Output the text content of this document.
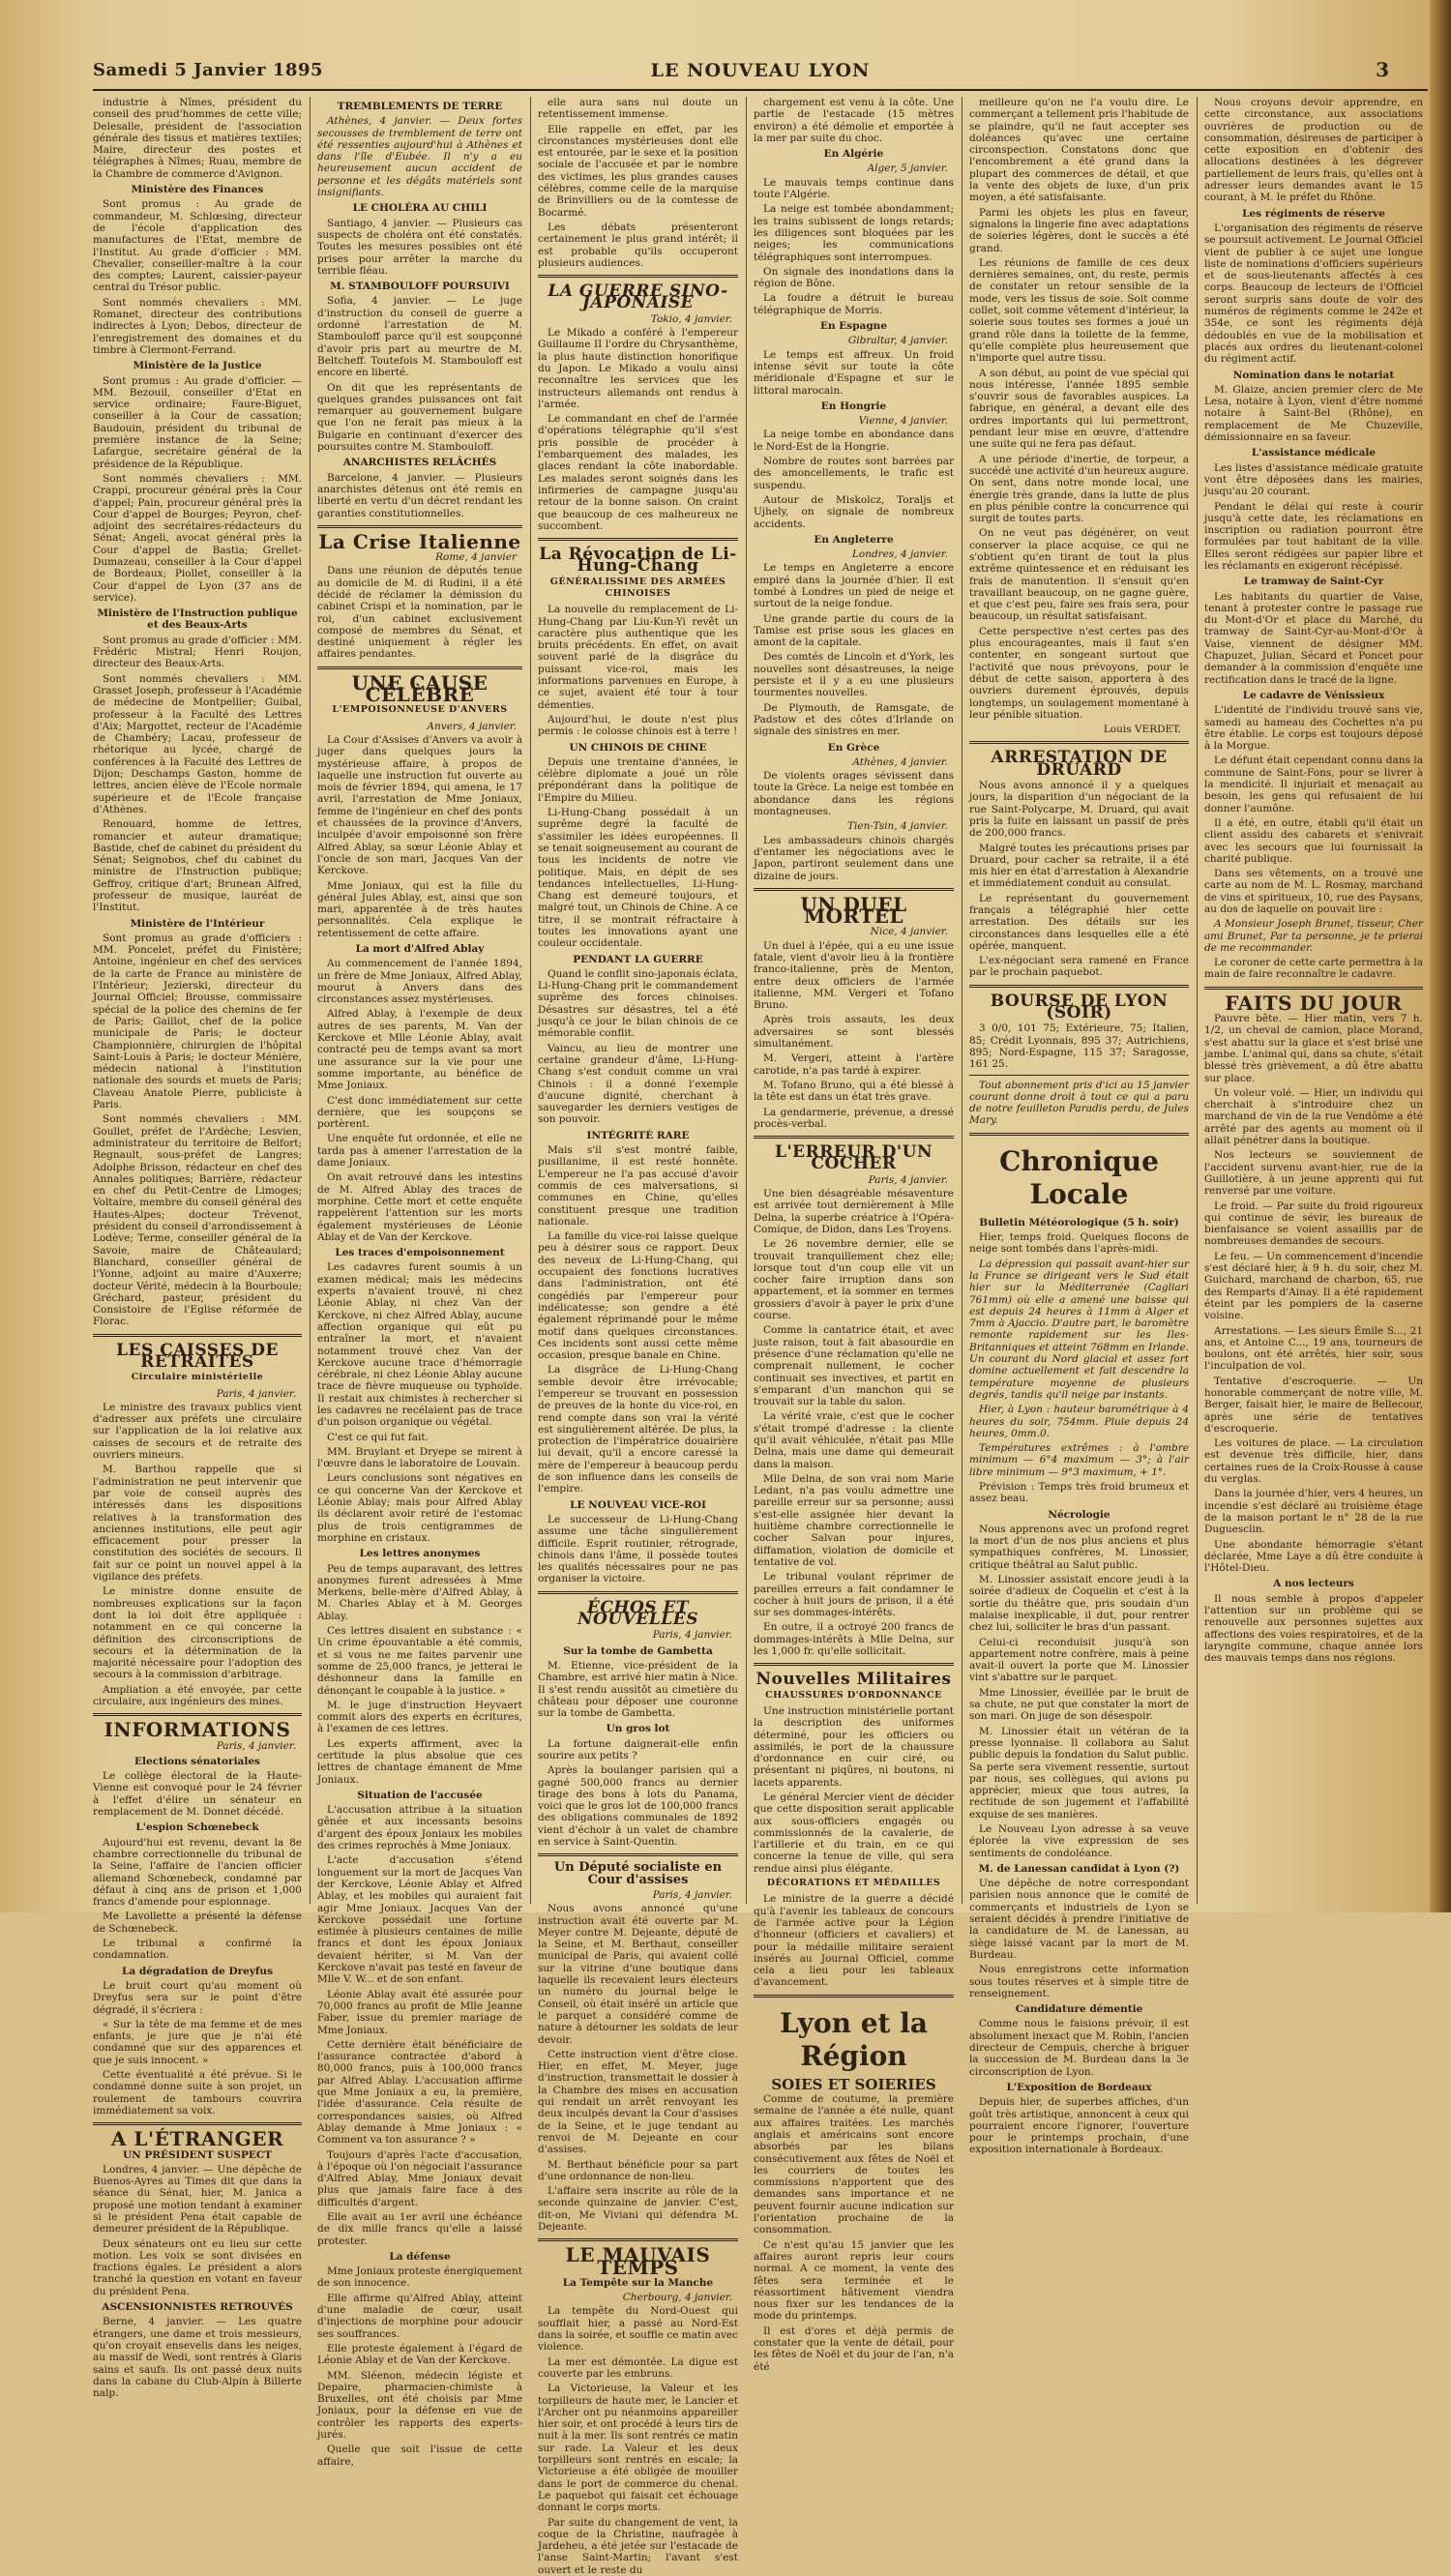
Samedi 5 Janvier 1895	LE NOUVEAU LYON	3

industrie à Nîmes, président du conseil des prud'hommes de cette ville; Delesalle, président de l'association générale des tissus et matières textiles; Maire, directeur des postes et télégraphes à Nîmes; Ruau, membre de la Chambre de commerce d'Avignon.

Ministère des Finances

Sont promus : Au grade de commandeur, M. Schlœsing, directeur de l'école d'application des manufactures de l'Etat, membre de l'Institut. Au grade d'officier : MM. Chevalier, conseiller-maître à la cour des comptes; Laurent, caissier-payeur central du Trésor public.

Sont nommés chevaliers : MM. Romanet, directeur des contributions indirectes à Lyon; Debos, directeur de l'enregistrement des domaines et du timbre à Clermont-Ferrand.

Ministère de la Justice

Sont promus : Au grade d'officier. — MM. Bezouil, conseiller d'Etat en service ordinaire; Faure-Biguet, conseiller à la Cour de cassation; Baudouin, président du tribunal de première instance de la Seine; Lafargue, secrétaire général de la présidence de la République.

Sont nommés chevaliers : MM. Crappi, procureur général près la Cour d'appel; Pain, procureur général près la Cour d'appel de Bourges; Peyron, chef-adjoint des secrétaires-rédacteurs du Sénat; Angeli, avocat général près la Cour d'appel de Bastia; Grellet-Dumazeau, conseiller à la Cour d'appel de Bordeaux; Piollet, conseiller à la Cour d'appel de Lyon (37 ans de service).

Ministère de l'Instruction publique et des Beaux-Arts

Sont promus au grade d'officier : MM. Frédéric Mistral; Henri Roujon, directeur des Beaux-Arts.

Sont nommés chevaliers : MM. Grasset Joseph, professeur à l'Académie de médecine de Montpellier; Guibal, professeur à la Faculté des Lettres d'Aix; Margottet, recteur de l'Académie de Chambéry; Lacau, professeur de rhétorique au lycée, chargé de conférences à la Faculté des Lettres de Dijon; Deschamps Gaston, homme de lettres, ancien élève de l'Ecole normale supérieure et de l'Ecole française d'Athènes.

Renouard, homme de lettres, romancier et auteur dramatique; Bastide, chef de cabinet du président du Sénat; Seignobos, chef du cabinet du ministre de l'Instruction publique; Geffroy, critique d'art; Brunean Alfred, professeur de musique, lauréat de l'Institut.

Ministère de l'Intérieur

Sont promus au grade d'officiers : MM. Poncelet, préfet du Finistère; Antoine, ingénieur en chef des services de la carte de France au ministère de l'Intérieur; Jezierski, directeur du Journal Officiel; Brousse, commissaire spécial de la police des chemins de fer de Paris; Gaillot, chef de la police municipale de Paris; le docteur Championnière, chirurgien de l'hôpital Saint-Louis à Paris; le docteur Ménière, médecin national à l'institution nationale des sourds et muets de Paris; Claveau Anatole Pierre, publiciste à Paris.

Sont nommés chevaliers : MM. Goullet, préfet de l'Ardèche; Lesvien, administrateur du territoire de Belfort; Regnault, sous-préfet de Langres; Adolphe Brisson, rédacteur en chef des Annales politiques; Barrière, rédacteur en chef du Petit-Centre de Limoges; Voltaire, membre du conseil général des Hautes-Alpes; docteur Trévenot, président du conseil d'arrondissement à Lodève; Terme, conseiller général de la Savoie, maire de Châteaulard; Blanchard, conseiller général de l'Yonne, adjoint au maire d'Auxerre; docteur Vérité, médecin à la Bourboule; Gréchard, pasteur, président du Consistoire de l'Eglise réformée de Florac.

LES CAISSES DE RETRAITES
Circulaire ministérielle
Paris, 4 janvier.

Le ministre des travaux publics vient d'adresser aux préfets une circulaire sur l'application de la loi relative aux caisses de secours et de retraite des ouvriers mineurs.

M. Barthou rappelle que si l'administration ne peut intervenir que par voie de conseil auprès des intéressés dans les dispositions relatives à la transformation des anciennes institutions, elle peut agir efficacement pour presser la constitution des sociétés de secours. Il fait sur ce point un nouvel appel à la vigilance des préfets.

Le ministre donne ensuite de nombreuses explications sur la façon dont la loi doit être appliquée : notamment en ce qui concerne la définition des circonscriptions de secours et la détermination de la majorité nécessaire pour l'adoption des secours à la commission d'arbitrage.

Ampliation a été envoyée, par cette circulaire, aux ingénieurs des mines.

INFORMATIONS
Paris, 4 janvier.
Elections sénatoriales

Le collège électoral de la Haute-Vienne est convoqué pour le 24 février à l'effet d'élire un sénateur en remplacement de M. Donnet décédé.

L'espion Schœnebeck

Aujourd'hui est revenu, devant la 8e chambre correctionnelle du tribunal de la Seine, l'affaire de l'ancien officier allemand Schœnebeck, condamné par défaut à cinq ans de prison et 1,000 francs d'amende pour espionnage.

Me Lavollette a présenté la défense de Schœnebeck.

Le tribunal a confirmé la condamnation.

La dégradation de Dreyfus

Le bruit court qu'au moment où Dreyfus sera sur le point d'être dégradé, il s'écriera :

« Sur la tête de ma femme et de mes enfants, je jure que je n'ai été condamné que sur des apparences et que je suis innocent. »

Cette éventualité a été prévue. Si le condamné donne suite à son projet, un roulement de tambours couvrira immédiatement sa voix.

A L'ÉTRANGER
UN PRÉSIDENT SUSPECT

Londres, 4 janvier. — Une dépêche de Buenos-Ayres au Times dit que dans la séance du Sénat, hier, M. Janica a proposé une motion tendant à examiner si le président Pena était capable de demeurer président de la République.

Deux sénateurs ont eu lieu sur cette motion. Les voix se sont divisées en fractions égales. Le président a alors tranché la question en votant en faveur du président Pena.

ASCENSIONNISTES RETROUVÉS

Berne, 4 janvier. — Les quatre étrangers, une dame et trois messieurs, qu'on croyait ensevelis dans les neiges, au massif de Wedi, sont rentrés à Glaris sains et saufs. Ils ont passé deux nuits dans la cabane du Club-Alpin à Billerte nalp.

TREMBLEMENTS DE TERRE

Athènes, 4 janvier. — Deux fortes secousses de tremblement de terre ont été ressenties aujourd'hui à Athènes et dans l'île d'Eubée. Il n'y a eu heureusement aucun accident de personne et les dégâts matériels sont insignifiants.

LE CHOLÉRA AU CHILI

Santiago, 4 janvier. — Plusieurs cas suspects de choléra ont été constatés. Toutes les mesures possibles ont été prises pour arrêter la marche du terrible fléau.

M. STAMBOULOFF POURSUIVI

Sofia, 4 janvier. — Le juge d'instruction du conseil de guerre a ordonné l'arrestation de M. Stambouloff parce qu'il est soupçonné d'avoir pris part au meurtre de M. Beltcheff. Toutefois M. Stambouloff est encore en liberté.

On dit que les représentants de quelques grandes puissances ont fait remarquer au gouvernement bulgare que l'on ne ferait pas mieux à la Bulgarie en continuant d'exercer des poursuites contre M. Stambouloff.

ANARCHISTES RELÂCHÉS

Barcelone, 4 janvier. — Plusieurs anarchistes détenus ont été remis en liberté en vertu d'un décret rendant les garanties constitutionnelles.

La Crise Italienne
Rome, 4 janvier

Dans une réunion de députés tenue au domicile de M. di Rudini, il a été décidé de réclamer la démission du cabinet Crispi et la nomination, par le roi, d'un cabinet exclusivement composé de membres du Sénat, et destiné uniquement à régler les affaires pendantes.

UNE CAUSE CÉLÈBRE
L'EMPOISONNEUSE D'ANVERS
Anvers, 4 janvier.

La Cour d'Assises d'Anvers va avoir à juger dans quelques jours la mystérieuse affaire, à propos de laquelle une instruction fut ouverte au mois de février 1894, qui amena, le 17 avril, l'arrestation de Mme Joniaux, femme de l'ingénieur en chef des ponts et chaussées de la province d'Anvers, inculpée d'avoir empoisonné son frère Alfred Ablay, sa sœur Léonie Ablay et l'oncle de son mari, Jacques Van der Kerckove.

Mme Joniaux, qui est la fille du général Jules Ablay, est, ainsi que son mari, apparentée à de très hautes personnalités. Cela explique le retentissement de cette affaire.

La mort d'Alfred Ablay

Au commencement de l'année 1894, un frère de Mme Joniaux, Alfred Ablay, mourut à Anvers dans des circonstances assez mystérieuses.

Alfred Ablay, à l'exemple de deux autres de ses parents, M. Van der Kerckove et Mlle Léonie Ablay, avait contracté peu de temps avant sa mort une assurance sur la vie pour une somme importante, au bénéfice de Mme Joniaux.

C'est donc immédiatement sur cette dernière, que les soupçons se portèrent.

Une enquête fut ordonnée, et elle ne tarda pas à amener l'arrestation de la dame Joniaux.

On avait retrouvé dans les intestins de M. Alfred Ablay des traces de morphine. Cette mort et cette enquête rappelèrent l'attention sur les morts également mystérieuses de Léonie Ablay et de Van der Kerckove.

Les traces d'empoisonnement

Les cadavres furent soumis à un examen médical; mais les médecins experts n'avaient trouvé, ni chez Léonie Ablay, ni chez Van der Kerckove, ni chez Alfred Ablay, aucune affection organique qui eût pu entraîner la mort, et n'avaient notamment trouvé chez Van der Kerckove aucune trace d'hémorragie cérébrale, ni chez Léonie Ablay aucune trace de fièvre muqueuse ou typhoïde. Il restait aux chimistes à rechercher si les cadavres ne recélaient pas de trace d'un poison organique ou végétal.

C'est ce qui fut fait.

MM. Bruylant et Dryepe se mirent à l'œuvre dans le laboratoire de Louvain.

Leurs conclusions sont négatives en ce qui concerne Van der Kerckove et Léonie Ablay; mais pour Alfred Ablay ils déclarent avoir retiré de l'estomac plus de trois centigrammes de morphine en cristaux.

Les lettres anonymes

Peu de temps auparavant, des lettres anonymes furent adressées à Mme Merkens, belle-mère d'Alfred Ablay, à M. Charles Ablay et à M. Georges Ablay.

Ces lettres disaient en substance : « Un crime épouvantable a été commis, et si vous ne me faites parvenir une somme de 25,000 francs, je jetterai le déshonneur dans la famille en dénonçant le coupable à la justice. »

M. le juge d'instruction Heyvaert commit alors des experts en écritures, à l'examen de ces lettres.

Les experts affirment, avec la certitude la plus absolue que ces lettres de chantage émanent de Mme Joniaux.

Situation de l'accusée

L'accusation attribue à la situation gênée et aux incessants besoins d'argent des époux Joniaux les mobiles des crimes reprochés à Mme Joniaux.

L'acte d'accusation s'étend longuement sur la mort de Jacques Van der Kerckove, Léonie Ablay et Alfred Ablay, et les mobiles qui auraient fait agir Mme Joniaux. Jacques Van der Kerckove possédait une fortune estimée à plusieurs centaines de mille francs et dont les époux Joniaux devaient hériter, si M. Van der Kerckove n'avait pas testé en faveur de Mlle V. W... et de son enfant.

Léonie Ablay avait été assurée pour 70,000 francs au profit de Mlle Jeanne Faber, issue du premier mariage de Mme Joniaux.

Cette dernière était bénéficiaire de l'assurance contractée d'abord à 80,000 francs, puis à 100,000 francs par Alfred Ablay. L'accusation affirme que Mme Joniaux a eu, la première, l'idée d'assurance. Cela résulte de correspondances saisies, où Alfred Ablay demande à Mme Joniaux : « Comment va ton assurance ? »

Toujours d'après l'acte d'accusation, à l'époque où l'on négociait l'assurance d'Alfred Ablay, Mme Joniaux devait plus que jamais faire face à des difficultés d'argent.

Elle avait au 1er avril une échéance de dix mille francs qu'elle a laissé protester.

La défense

Mme Joniaux proteste énergiquement de son innocence.

Elle affirme qu'Alfred Ablay, atteint d'une maladie de cœur, usait d'injections de morphine pour adoucir ses souffrances.

Elle proteste également à l'égard de Léonie Ablay et de Van der Kerckove.

MM. Sléenon, médecin légiste et Depaire, pharmacien-chimiste à Bruxelles, ont été choisis par Mme Joniaux, pour la défense en vue de contrôler les rapports des experts-jurés.

Quelle que soit l'issue de cette affaire,

elle aura sans nul doute un retentissement immense.

Elle rappelle en effet, par les circonstances mystérieuses dont elle est entourée, par le sexe et la position sociale de l'accusée et par le nombre des victimes, les plus grandes causes célèbres, comme celle de la marquise de Brinvilliers ou de la comtesse de Bocarmé.

Les débats présenteront certainement le plus grand intérêt; il est probable qu'ils occuperont plusieurs audiences.

LA GUERRE SINO-JAPONAISE
Tokio, 4 janvier.

Le Mikado a conféré à l'empereur Guillaume II l'ordre du Chrysanthème, la plus haute distinction honorifique du Japon. Le Mikado a voulu ainsi reconnaître les services que les instructeurs allemands ont rendus à l'armée.

Le commandant en chef de l'armée d'opérations télégraphie qu'il s'est pris possible de procéder à l'embarquement des malades, les glaces rendant la côte inabordable. Les malades seront soignés dans les infirmeries de campagne jusqu'au retour de la bonne saison. On craint que beaucoup de ces malheureux ne succombent.

La Révocation de Li-Hung-Chang
GÉNÉRALISSIME DES ARMÉES CHINOISES

La nouvelle du remplacement de Li-Hung-Chang par Liu-Kun-Yi revêt un caractère plus authentique que les bruits précédents. En effet, on avait souvent parlé de la disgrâce du puissant vice-roi, mais les informations parvenues en Europe, à ce sujet, avaient été tour à tour démenties.

Aujourd'hui, le doute n'est plus permis : le colosse chinois est à terre !

UN CHINOIS DE CHINE

Depuis une trentaine d'années, le célèbre diplomate a joué un rôle prépondérant dans la politique de l'Empire du Milieu.

Li-Hung-Chang possédait à un suprême degré la faculté de s'assimiler les idées européennes. Il se tenait soigneusement au courant de tous les incidents de notre vie politique. Mais, en dépit de ses tendances intellectuelles, Li-Hung-Chang est demeuré toujours, et malgré tout, un Chinois de Chine. A ce titre, il se montrait réfractaire à toutes les innovations ayant une couleur occidentale.

PENDANT LA GUERRE

Quand le conflit sino-japonais éclata, Li-Hung-Chang prit le commandement suprême des forces chinoises. Désastres sur désastres, tel a été jusqu'à ce jour le bilan chinois de ce mémorable conflit.

Vaincu, au lieu de montrer une certaine grandeur d'âme, Li-Hung-Chang s'est conduit comme un vrai Chinois : il a donné l'exemple d'aucune dignité, cherchant à sauvegarder les derniers vestiges de son pouvoir.

INTÉGRITÉ RARE

Mais s'il s'est montré faible, pusillanime, il est resté honnête. L'empereur ne l'a pas accusé d'avoir commis de ces malversations, si communes en Chine, qu'elles constituent presque une tradition nationale.

La famille du vice-roi laisse quelque peu à désirer sous ce rapport. Deux des neveux de Li-Hung-Chang, qui occupaient des fonctions lucratives dans l'administration, ont été congédiés par l'empereur pour indélicatesse; son gendre a été également réprimandé pour le même motif dans quelques circonstances. Ces incidents sont aussi cette même occasion, presque banale en Chine.

La disgrâce de Li-Hung-Chang semble devoir être irrévocable; l'empereur se trouvant en possession de preuves de la honte du vice-roi, en rend compte dans son vrai la vérité est singulièrement altérée. De plus, la protection de l'impératrice douairière lui devait, qu'il a encore caressé la mère de l'empereur à beaucoup perdu de son influence dans les conseils de l'empire.

LE NOUVEAU VICE-ROI

Le successeur de Li-Hung-Chang assume une tâche singulièrement difficile. Esprit routinier, rétrograde, chinois dans l'âme, il possède toutes les qualités nécessaires pour ne pas organiser la victoire.

ÉCHOS ET NOUVELLES
Paris, 4 janvier.
Sur la tombe de Gambetta

M. Etienne, vice-président de la Chambre, est arrivé hier matin à Nice. Il s'est rendu aussitôt au cimetière du château pour déposer une couronne sur la tombe de Gambetta.

Un gros lot

La fortune daignerait-elle enfin sourire aux petits ?

Après la boulanger parisien qui a gagné 500,000 francs au dernier tirage des bons à lots du Panama, voici que le gros lot de 100,000 francs des obligations communales de 1892 vient d'échoir à un valet de chambre en service à Saint-Quentin.

Un Député socialiste en Cour d'assises
Paris, 4 janvier.

Nous avons annoncé qu'une instruction avait été ouverte par M. Meyer contre M. Dejeante, député de la Seine, et M. Berthaut, conseiller municipal de Paris, qui avaient collé sur la vitrine d'une boutique dans laquelle ils recevaient leurs électeurs un numéro du journal belge le Conseil, où était inséré un article que le parquet a considéré comme de nature à détourner les soldats de leur devoir.

Cette instruction vient d'être close. Hier, en effet, M. Meyer, juge d'instruction, transmettait le dossier à la Chambre des mises en accusation qui rendait un arrêt renvoyant les deux inculpés devant la Cour d'assises de la Seine, et le juge tendant au renvoi de M. Dejeante en cour d'assises.

M. Berthaut bénéficie pour sa part d'une ordonnance de non-lieu.

L'affaire sera inscrite au rôle de la seconde quinzaine de janvier. C'est, dit-on, Me Viviani qui défendra M. Dejeante.

LE MAUVAIS TEMPS
La Tempête sur la Manche
Cherbourg, 4 janvier.

La tempête du Nord-Ouest qui soufflait hier, a passé au Nord-Est dans la soirée, et souffle ce matin avec violence.

La mer est démontée. La digue est couverte par les embruns.

La Victorieuse, la Valeur et les torpilleurs de haute mer, le Lancier et l'Archer ont pu néanmoins appareiller hier soir, et ont procédé à leurs tirs de nuit à la mer. Ils sont rentrés ce matin sur rade. La Valeur et les deux torpilleurs sont rentrés en escale; la Victorieuse a été obligée de mouiller dans le port de commerce du chenal. Le paquebot qui faisait cet échouage donnant le corps morts.

Par suite du changement de vent, la coque de la Christine, naufragée à Jardeheu, a été jetée sur l'estacade de l'anse Saint-Martin; l'avant s'est ouvert et le reste du

chargement est venu à la côte. Une partie de l'estacade (15 mètres environ) a été démolie et emportée à la mer par suite du choc.

En Algérie
Alger, 5 janvier.

Le mauvais temps continue dans toute l'Algérie.

La neige est tombée abondamment; les trains subissent de longs retards; les diligences sont bloquées par les neiges; les communications télégraphiques sont interrompues.

On signale des inondations dans la région de Bône.

La foudre a détruit le bureau télégraphique de Morris.

En Espagne
Gibraltar, 4 janvier.

Le temps est affreux. Un froid intense sévit sur toute la côte méridionale d'Espagne et sur le littoral marocain.

En Hongrie
Vienne, 4 janvier.

La neige tombe en abondance dans le Nord-Est de la Hongrie.

Nombre de routes sont barrées par des amoncellements, le trafic est suspendu.

Autour de Miskolcz, Toraljs et Ujhely, on signale de nombreux accidents.

En Angleterre
Londres, 4 janvier.

Le temps en Angleterre a encore empiré dans la journée d'hier. Il est tombé à Londres un pied de neige et surtout de la neige fondue.

Une grande partie du cours de la Tamise est prise sous les glaces en amont de la capitale.

Des comtés de Lincoln et d'York, les nouvelles sont désastreuses, la neige persiste et il y a eu une plusieurs tourmentes nouvelles.

De Plymouth, de Ramsgate, de Padstow et des côtes d'Irlande on signale des sinistres en mer.

En Grèce
Athènes, 4 janvier.

De violents orages sévissent dans toute la Grèce. La neige est tombée en abondance dans les régions montagneuses.

Tien-Tsin, 4 janvier.

Les ambassadeurs chinois chargés d'entamer les négociations avec le Japon, partiront seulement dans une dizaine de jours.

UN DUEL MORTEL
Nice, 4 janvier.

Un duel à l'épée, qui a eu une issue fatale, vient d'avoir lieu à la frontière franco-italienne, près de Menton, entre deux officiers de l'armée italienne, MM. Vergeri et Tofano Bruno.

Après trois assauts, les deux adversaires se sont blessés simultanément.

M. Vergeri, atteint à l'artère carotide, n'a pas tardé à expirer.

M. Tofano Bruno, qui a été blessé à la tête est dans un état très grave.

La gendarmerie, prévenue, a dressé procès-verbal.

L'ERREUR D'UN COCHER
Paris, 4 janvier.

Une bien désagréable mésaventure est arrivée tout dernièrement à Mlle Delna, la superbe créatrice à l'Opéra-Comique, de Didon, dans Les Troyens.

Le 26 novembre dernier, elle se trouvait tranquillement chez elle; lorsque tout d'un coup elle vit un cocher faire irruption dans son appartement, et la sommer en termes grossiers d'avoir à payer le prix d'une course.

Comme la cantatrice était, et avec juste raison, tout à fait abasourdie en présence d'une réclamation qu'elle ne comprenait nullement, le cocher continuait ses invectives, et partit en s'emparant d'un manchon qui se trouvait sur la table du salon.

La vérité vraie, c'est que le cocher s'était trompé d'adresse : la cliente qu'il avait véhiculée, n'était pas Mlle Delna, mais une dame qui demeurait dans la maison.

Mlle Delna, de son vrai nom Marie Ledant, n'a pas voulu admettre une pareille erreur sur sa personne; aussi s'est-elle assignée hier devant la huitième chambre correctionnelle le cocher Salvan pour injures, diffamation, violation de domicile et tentative de vol.

Le tribunal voulant réprimer de pareilles erreurs a fait condamner le cocher à huit jours de prison, il a été sur ses dommages-intérêts.

En outre, il a octroyé 200 francs de dommages-intérêts à Mlle Delna, sur les 1,000 fr. qu'elle sollicitait.

Nouvelles Militaires
CHAUSSURES D'ORDONNANCE

Une instruction ministérielle portant la description des uniformes déterminé, pour les officiers ou assimilés, le port de la chaussure d'ordonnance en cuir ciré, ou présentant ni piqûres, ni boutons, ni lacets apparents.

Le général Mercier vient de décider que cette disposition serait applicable aux sous-officiers engagés ou commissionnés de la cavalerie, de l'artillerie et du train, en ce qui concerne la tenue de ville, qui sera rendue ainsi plus élégante.

DÉCORATIONS ET MÉDAILLES

Le ministre de la guerre a décidé qu'à l'avenir les tableaux de concours de l'armée active pour la Légion d'honneur (officiers et cavaliers) et pour la médaille militaire seraient insérés au Journal Officiel, comme cela a lieu pour les tableaux d'avancement.

Lyon et la Région
SOIES ET SOIERIES

Comme de coutume, la première semaine de l'année a été nulle, quant aux affaires traitées. Les marchés anglais et américains sont encore absorbés par les bilans consécutivement aux fêtes de Noël et les courriers de toutes les commissions n'apportent que des demandes sans importance et ne peuvent fournir aucune indication sur l'orientation prochaine de la consommation.

Ce n'est qu'au 15 janvier que les affaires auront repris leur cours normal. A ce moment, la vente des fêtes sera terminée et le réassortiment hâtivement viendra nous fixer sur les tendances de la mode du printemps.

Il est d'ores et déjà permis de constater que la vente de détail, pour les fêtes de Noël et du jour de l'an, n'a été

meilleure qu'on ne l'a voulu dire. Le commerçant a tellement pris l'habitude de se plaindre, qu'il ne faut accepter ses doléances qu'avec une certaine circonspection. Constatons donc que l'encombrement a été grand dans la plupart des commerces de détail, et que la vente des objets de luxe, d'un prix moyen, a été satisfaisante.

Parmi les objets les plus en faveur, signalons la lingerie fine avec adaptations de soieries légères, dont le succès a été grand.

Les réunions de famille de ces deux dernières semaines, ont, du reste, permis de constater un retour sensible de la mode, vers les tissus de soie. Soit comme collet, soit comme vêtement d'intérieur, la soierie sous toutes ses formes a joué un grand rôle dans la toilette de la femme, qu'elle complète plus heureusement que n'importe quel autre tissu.

A son début, au point de vue spécial qui nous intéresse, l'année 1895 semble s'ouvrir sous de favorables auspices. La fabrique, en général, a devant elle des ordres importants qui lui permettront, pendant leur mise en œuvre, d'attendre une suite qui ne fera pas défaut.

A une période d'inertie, de torpeur, a succédé une activité d'un heureux augure. On sent, dans notre monde local, une énergie très grande, dans la lutte de plus en plus pénible contre la concurrence qui surgit de toutes parts.

On ne veut pas dégénérer, on veut conserver la place acquise, ce qui ne s'obtient qu'en tirant de tout la plus extrême quintessence et en réduisant les frais de manutention. Il s'ensuit qu'en travaillant beaucoup, on ne gagne guère, et que c'est peu, faire ses frais sera, pour beaucoup, un résultat satisfaisant.

Cette perspective n'est certes pas des plus encourageantes, mais il faut s'en contenter, en songeant surtout que l'activité que nous prévoyons, pour le début de cette saison, apportera à des ouvriers durement éprouvés, depuis longtemps, un soulagement momentané à leur pénible situation.

Louis VERDET.
ARRESTATION DE DRUARD

Nous avons annoncé il y a quelques jours, la disparition d'un négociant de la rue Saint-Polycarpe, M. Druard, qui avait pris la fuite en laissant un passif de près de 200,000 francs.

Malgré toutes les précautions prises par Druard, pour cacher sa retraite, il a été mis hier en état d'arrestation à Alexandrie et immédiatement conduit au consulat.

Le représentant du gouvernement français a télégraphié hier cette arrestation. Des détails sur les circonstances dans lesquelles elle a été opérée, manquent.

L'ex-négociant sera ramené en France par le prochain paquebot.

BOURSE DE LYON (SOIR)

3 0/0, 101 75; Extérieure, 75; Italien, 85; Crédit Lyonnais, 895 37; Autrichiens, 895; Nord-Espagne, 115 37; Saragosse, 161 25.

Tout abonnement pris d'ici au 15 janvier courant donne droit à tout ce qui a paru de notre feuilleton Paradis perdu, de Jules Mary.

Chronique Locale
Bulletin Météorologique (5 h. soir)

Hier, temps froid. Quelques flocons de neige sont tombés dans l'après-midi.

La dépression qui passait avant-hier sur la France se dirigeant vers le Sud était hier sur la Méditerranée (Cagliari 761mm) où elle a amené une baisse qui est depuis 24 heures à 11mm à Alger et 7mm à Ajaccio. D'autre part, le baromètre remonte rapidement sur les Iles-Britanniques et atteint 768mm en Irlande. Un courant du Nord glacial et assez fort domine actuellement et fait descendre la température moyenne de plusieurs degrés, tandis qu'il neige par instants.

Hier, à Lyon : hauteur barométrique à 4 heures du soir, 754mm. Pluie depuis 24 heures, 0mm.0.

Températures extrêmes : à l'ombre minimum — 6°4 maximum — 3°; à l'air libre minimum — 9°3 maximum, + 1°.

Prévision : Temps très froid brumeux et assez beau.

Nécrologie

Nous apprenons avec un profond regret la mort d'un de nos plus anciens et plus sympathiques confrères, M. Linossier, critique théâtral au Salut public.

M. Linossier assistait encore jeudi à la soirée d'adieux de Coquelin et c'est à la sortie du théâtre que, pris soudain d'un malaise inexplicable, il dut, pour rentrer chez lui, solliciter le bras d'un passant.

Celui-ci reconduisit jusqu'à son appartement notre confrère, mais à peine avait-il ouvert la porte que M. Linossier vint s'abattre sur le parquet.

Mme Linossier, éveillée par le bruit de sa chute, ne put que constater la mort de son mari. On juge de son désespoir.

M. Linossier était un vétéran de la presse lyonnaise. Il collabora au Salut public depuis la fondation du Salut public. Sa perte sera vivement ressentie, surtout par nous, ses collègues, qui avions pu apprécier, mieux que tous autres, la rectitude de son jugement et l'affabilité exquise de ses manières.

Le Nouveau Lyon adresse à sa veuve éplorée la vive expression de ses sentiments de condoléance.

M. de Lanessan candidat à Lyon (?)

Une dépêche de notre correspondant parisien nous annonce que le comité de commerçants et industriels de Lyon se seraient décidés à prendre l'initiative de la candidature de M. de Lanessan, au siège laissé vacant par la mort de M. Burdeau.

Nous enregistrons cette information sous toutes réserves et à simple titre de renseignement.

Candidature démentie

Comme nous le faisions prévoir, il est absolument inexact que M. Robin, l'ancien directeur de Cempuis, cherche à briguer la succession de M. Burdeau dans la 3e circonscription de Lyon.

L'Exposition de Bordeaux

Depuis hier, de superbes affiches, d'un goût très artistique, annoncent à ceux qui pourraient encore l'ignorer, l'ouverture pour le printemps prochain, d'une exposition internationale à Bordeaux.

Nous croyons devoir apprendre, en cette circonstance, aux associations ouvrières de production ou de consommation, désireuses de participer à cette exposition en d'obtenir des allocations destinées à les dégrever partiellement de leurs frais, qu'elles ont à adresser leurs demandes avant le 15 courant, à M. le préfet du Rhône.

Les régiments de réserve

L'organisation des régiments de réserve se poursuit activement. Le Journal Officiel vient de publier à ce sujet une longue liste de nominations d'officiers supérieurs et de sous-lieutenants affectés à ces corps. Beaucoup de lecteurs de l'Officiel seront surpris sans doute de voir des numéros de régiments comme le 242e et 354e, ce sont les régiments déjà dédoublés en vue de la mobilisation et placés aux ordres du lieutenant-colonel du régiment actif.

Nomination dans le notariat

M. Glaize, ancien premier clerc de Me Lesa, notaire à Lyon, vient d'être nommé notaire à Saint-Bel (Rhône), en remplacement de Me Chuzeville, démissionnaire en sa faveur.

L'assistance médicale

Les listes d'assistance médicale gratuite vont être déposées dans les mairies, jusqu'au 20 courant.

Pendant le délai qui reste à courir jusqu'à cette date, les réclamations en inscription ou radiation pourront être formulées par tout habitant de la ville. Elles seront rédigées sur papier libre et les réclamants en exigeront récépissé.

Le tramway de Saint-Cyr

Les habitants du quartier de Vaise, tenant à protester contre le passage rue du Mont-d'Or et place du Marché, du tramway de Saint-Cyr-au-Mont-d'Or à Vaise, viennent de désigner MM. Chapuzet, Julian, Sécard et Poncet pour demander à la commission d'enquête une rectification dans le tracé de la ligne.

Le cadavre de Vénissieux

L'identité de l'individu trouvé sans vie, samedi au hameau des Cochettes n'a pu être établie. Le corps est toujours déposé à la Morgue.

Le défunt était cependant connu dans la commune de Saint-Fons, pour se livrer à la mendicité. Il injuriait et menaçait au besoin, les gens qui refusaient de lui donner l'aumône.

Il a été, en outre, établi qu'il était un client assidu des cabarets et s'enivrait avec les secours que lui fournissait la charité publique.

Dans ses vêtements, on a trouvé une carte au nom de M. L. Rosmay, marchand de vins et spiritueux, 10, rue des Paysans, au dos de laquelle on pouvait lire :

A Monsieur Joseph Brunet, tisseur, Cher ami Brunet, Par ta personne, je te prierai de me recommander.

Le coroner de cette carte permettra à la main de faire reconnaître le cadavre.

FAITS DU JOUR

Pauvre bête. — Hier matin, vers 7 h. 1/2, un cheval de camion, place Morand, s'est abattu sur la glace et s'est brisé une jambe. L'animal qui, dans sa chute, s'était blessé très grièvement, a dû être abattu sur place.

Un voleur volé. — Hier, un individu qui cherchait à s'introduire chez un marchand de vin de la rue Vendôme a été arrêté par des agents au moment où il allait pénétrer dans la boutique.

Nos lecteurs se souviennent de l'accident survenu avant-hier, rue de la Guillotière, à un jeune apprenti qui fut renversé par une voiture.

Le froid. — Par suite du froid rigoureux qui continue de sévir, les bureaux de bienfaisance se voient assaillis par de nombreuses demandes de secours.

Le feu. — Un commencement d'incendie s'est déclaré hier, à 9 h. du soir, chez M. Guichard, marchand de charbon, 65, rue des Remparts d'Ainay. Il a été rapidement éteint par les pompiers de la caserne voisine.

Arrestations. — Les sieurs Émile S..., 21 ans, et Antoine C..., 19 ans, tourneurs de boulons, ont été arrêtés, hier soir, sous l'inculpation de vol.

Tentative d'escroquerie. — Un honorable commerçant de notre ville, M. Berger, faisait hier, le maire de Bellecour, après une série de tentatives d'escroquerie.

Les voitures de place. — La circulation est devenue très difficile, hier, dans certaines rues de la Croix-Rousse à cause du verglas.

Dans la journée d'hier, vers 4 heures, un incendie s'est déclaré au troisième étage de la maison portant le n° 28 de la rue Duguesclin.

Une abondante hémorragie s'étant déclarée, Mme Laye a dû être conduite à l'Hôtel-Dieu.

A nos lecteurs

Il nous semble à propos d'appeler l'attention sur un problème qui se renouvelle aux personnes sujettes aux affections des voies respiratoires, et de la laryngite commune, chaque année lors des mauvais temps dans nos régions.
